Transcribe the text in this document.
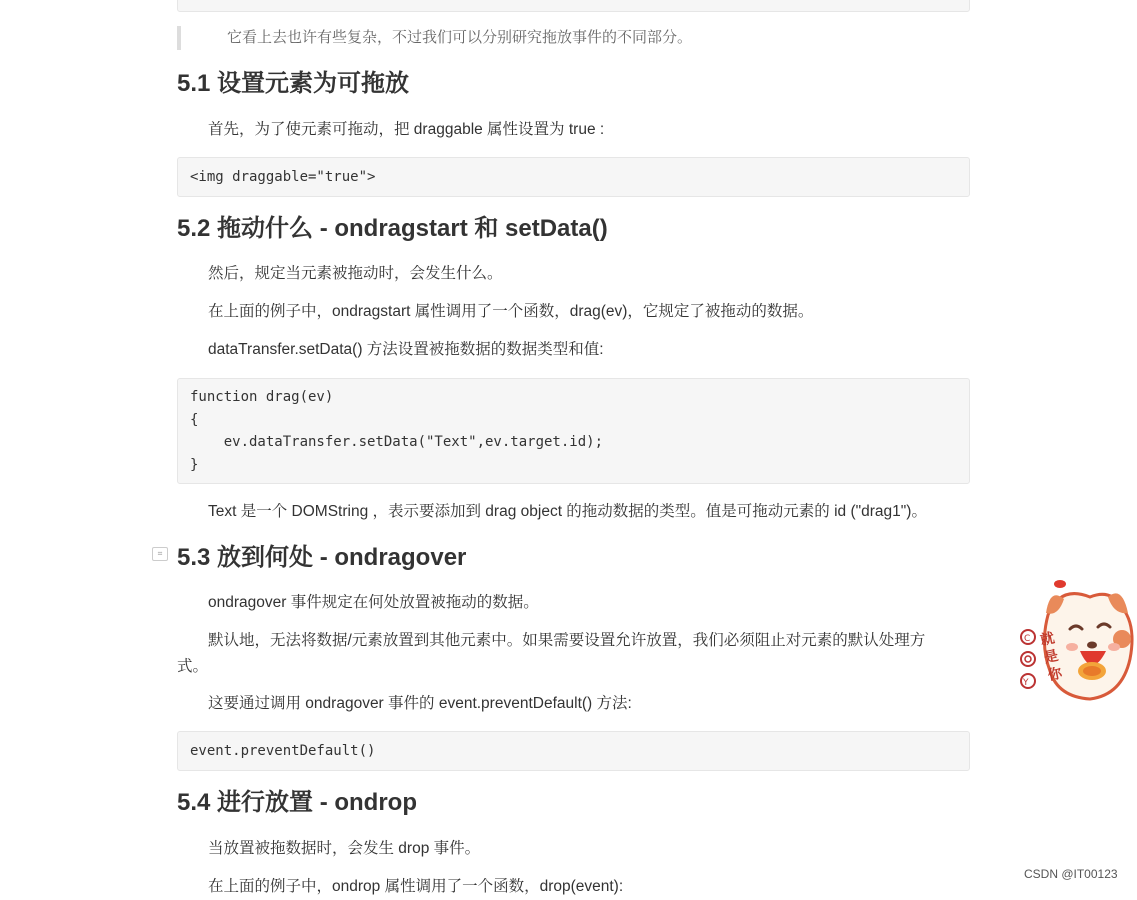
它看上去也许有些复杂，不过我们可以分别研究拖放事件的不同部分。
5.1 设置元素为可拖放

首先，为了使元素可拖动，把 draggable 属性设置为 true :

<img draggable="true">
5.2 拖动什么 - ondragstart 和 setData()

然后，规定当元素被拖动时，会发生什么。

在上面的例子中，ondragstart 属性调用了一个函数，drag(ev)，它规定了被拖动的数据。

dataTransfer.setData() 方法设置被拖数据的数据类型和值:

function drag(ev)
{
ev.dataTransfer.setData("Text",ev.target.id);
}

Text 是一个 DOMString ，表示要添加到 drag object 的拖动数据的类型。值是可拖动元素的 id ("drag1")。

5.3 放到何处 - ondragover

ondragover 事件规定在何处放置被拖动的数据。

默认地，无法将数据/元素放置到其他元素中。如果需要设置允许放置，我们必须阻止对元素的默认处理方式。

这要通过调用 ondragover 事件的 event.preventDefault() 方法:

event.preventDefault()
5.4 进行放置 - ondrop

当放置被拖数据时，会发生 drop 事件。

在上面的例子中，ondrop 属性调用了一个函数，drop(event):

⌗
C
Y
就是你
CSDN @IT00123
